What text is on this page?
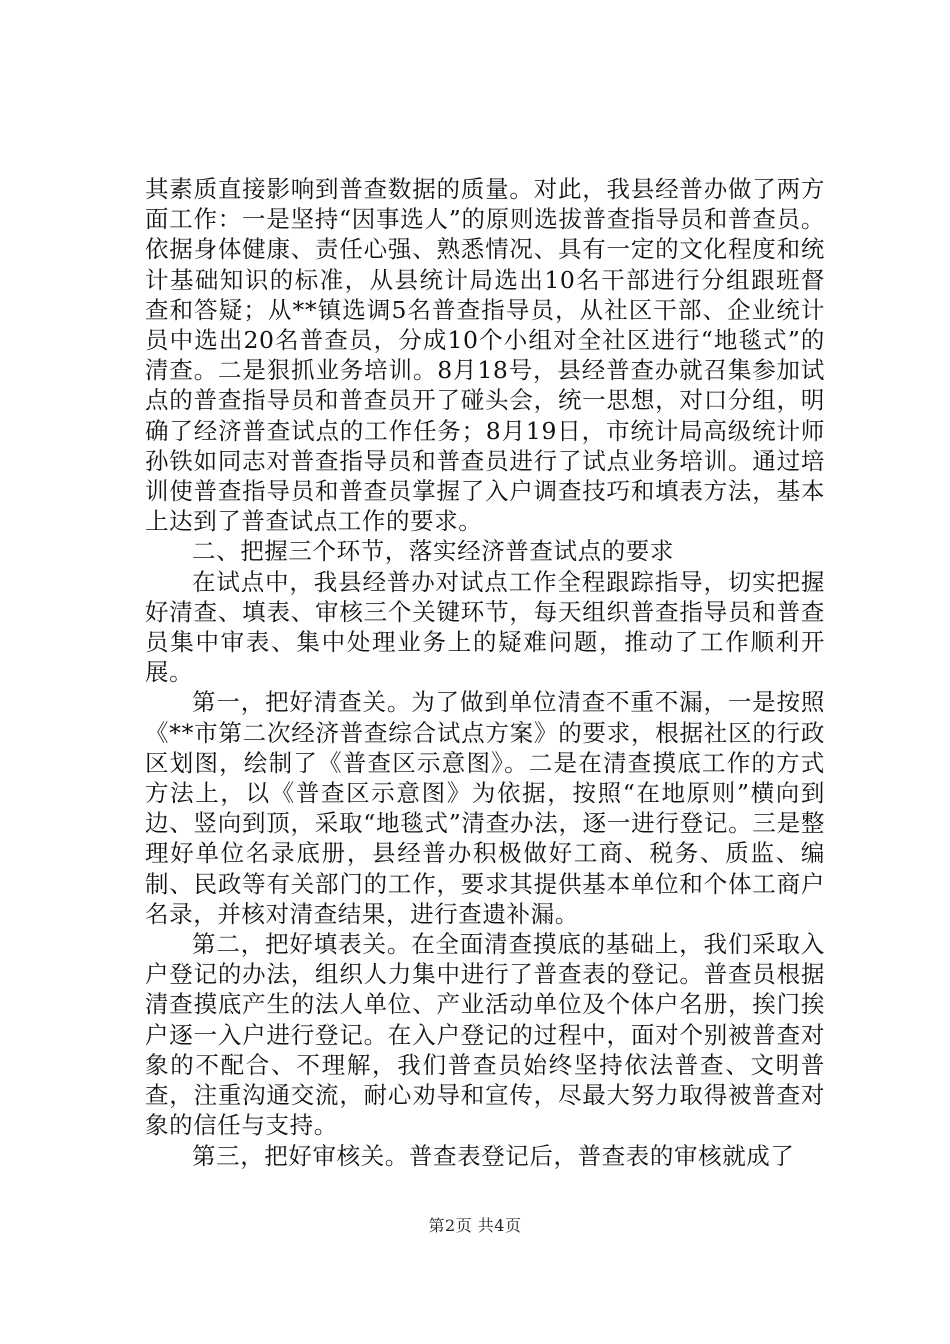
其素质直接影响到普查数据的质量。对此，我县经普办做了两方面工作：一是坚持“因事选人”的原则选拔普查指导员和普查员。依据身体健康、责任心强、熟悉情况、具有一定的文化程度和统计基础知识的标准，从县统计局选出10名干部进行分组跟班督查和答疑；从**镇选调5名普查指导员，从社区干部、企业统计员中选出20名普查员，分成10个小组对全社区进行“地毯式”的清查。二是狠抓业务培训。8月18号，县经普查办就召集参加试点的普查指导员和普查员开了碰头会，统一思想，对口分组，明确了经济普查试点的工作任务；8月19日，市统计局高级统计师孙铁如同志对普查指导员和普查员进行了试点业务培训。通过培训使普查指导员和普查员掌握了入户调查技巧和填表方法，基本上达到了普查试点工作的要求。

二、把握三个环节，落实经济普查试点的要求

在试点中，我县经普办对试点工作全程跟踪指导，切实把握好清查、填表、审核三个关键环节，每天组织普查指导员和普查员集中审表、集中处理业务上的疑难问题，推动了工作顺利开展。

第一，把好清查关。为了做到单位清查不重不漏，一是按照《**市第二次经济普查综合试点方案》的要求，根据社区的行政区划图，绘制了《普查区示意图》。二是在清查摸底工作的方式方法上，以《普查区示意图》为依据，按照“在地原则”横向到边、竖向到顶，采取“地毯式”清查办法，逐一进行登记。三是整理好单位名录底册，县经普办积极做好工商、税务、质监、编制、民政等有关部门的工作，要求其提供基本单位和个体工商户名录，并核对清查结果，进行查遗补漏。

第二，把好填表关。在全面清查摸底的基础上，我们采取入户登记的办法，组织人力集中进行了普查表的登记。普查员根据清查摸底产生的法人单位、产业活动单位及个体户名册，挨门挨户逐一入户进行登记。在入户登记的过程中，面对个别被普查对象的不配合、不理解，我们普查员始终坚持依法普查、文明普查，注重沟通交流，耐心劝导和宣传，尽最大努力取得被普查对象的信任与支持。

第三，把好审核关。普查表登记后，普查表的审核就成了

第2页 共4页
